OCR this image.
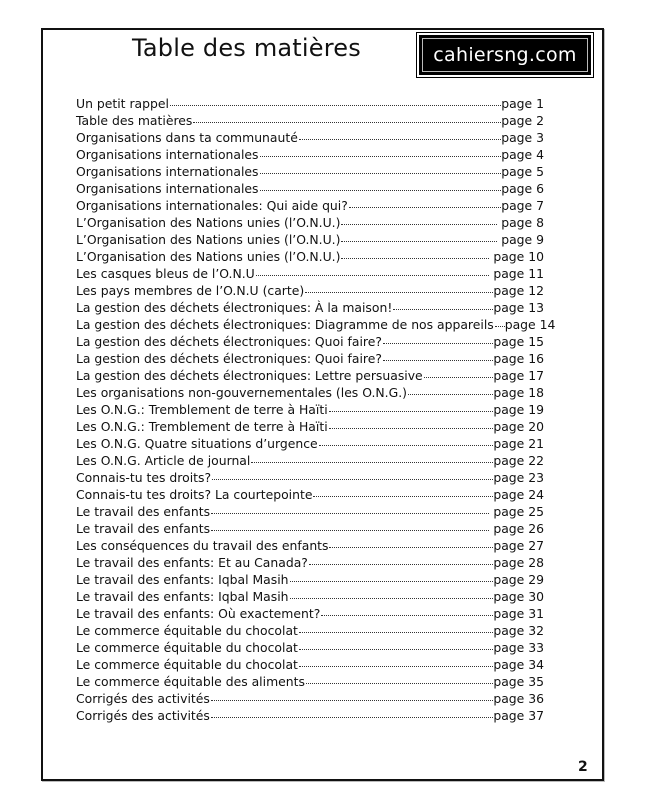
Table des matières	cahiersng.com
Un petit rappel	page 1
Table des matières	page 2
Organisations dans ta communauté	page 3
Organisations internationales	page 4
Organisations internationales	page 5
Organisations internationales	page 6
Organisations internationales: Qui aide qui?	page 7
L’Organisation des Nations unies (l’O.N.U.)	page 8
L’Organisation des Nations unies (l’O.N.U.)	page 9
L’Organisation des Nations unies (l’O.N.U.)	page 10
Les casques bleus de l’O.N.U	page 11
Les pays membres de l’O.N.U (carte)	page 12
La gestion des déchets électroniques: À la maison!	page 13
La gestion des déchets électroniques: Diagramme de nos appareils page 14
La gestion des déchets électroniques: Quoi faire?	page 15
La gestion des déchets électroniques: Quoi faire?	page 16
La gestion des déchets électroniques: Lettre persuasive	page 17
Les organisations non-gouvernementales (les O.N.G.)	page 18
Les O.N.G.: Tremblement de terre à Haïti	page 19
Les O.N.G.: Tremblement de terre à Haïti	page 20
Les O.N.G. Quatre situations d’urgence	page 21
Les O.N.G. Article de journal	page 22
Connais-tu tes droits?	page 23
Connais-tu tes droits? La courtepointe	page 24
Le travail des enfants	page 25
Le travail des enfants	page 26
Les conséquences du travail des enfants	page 27
Le travail des enfants: Et au Canada?	page 28
Le travail des enfants: Iqbal Masih	page 29
Le travail des enfants: Iqbal Masih	page 30
Le travail des enfants: Où exactement?	page 31
Le commerce équitable du chocolat	page 32
Le commerce équitable du chocolat	page 33
Le commerce équitable du chocolat	page 34
Le commerce équitable des aliments	page 35
Corrigés des activités	page 36
Corrigés des activités	page 37
2
